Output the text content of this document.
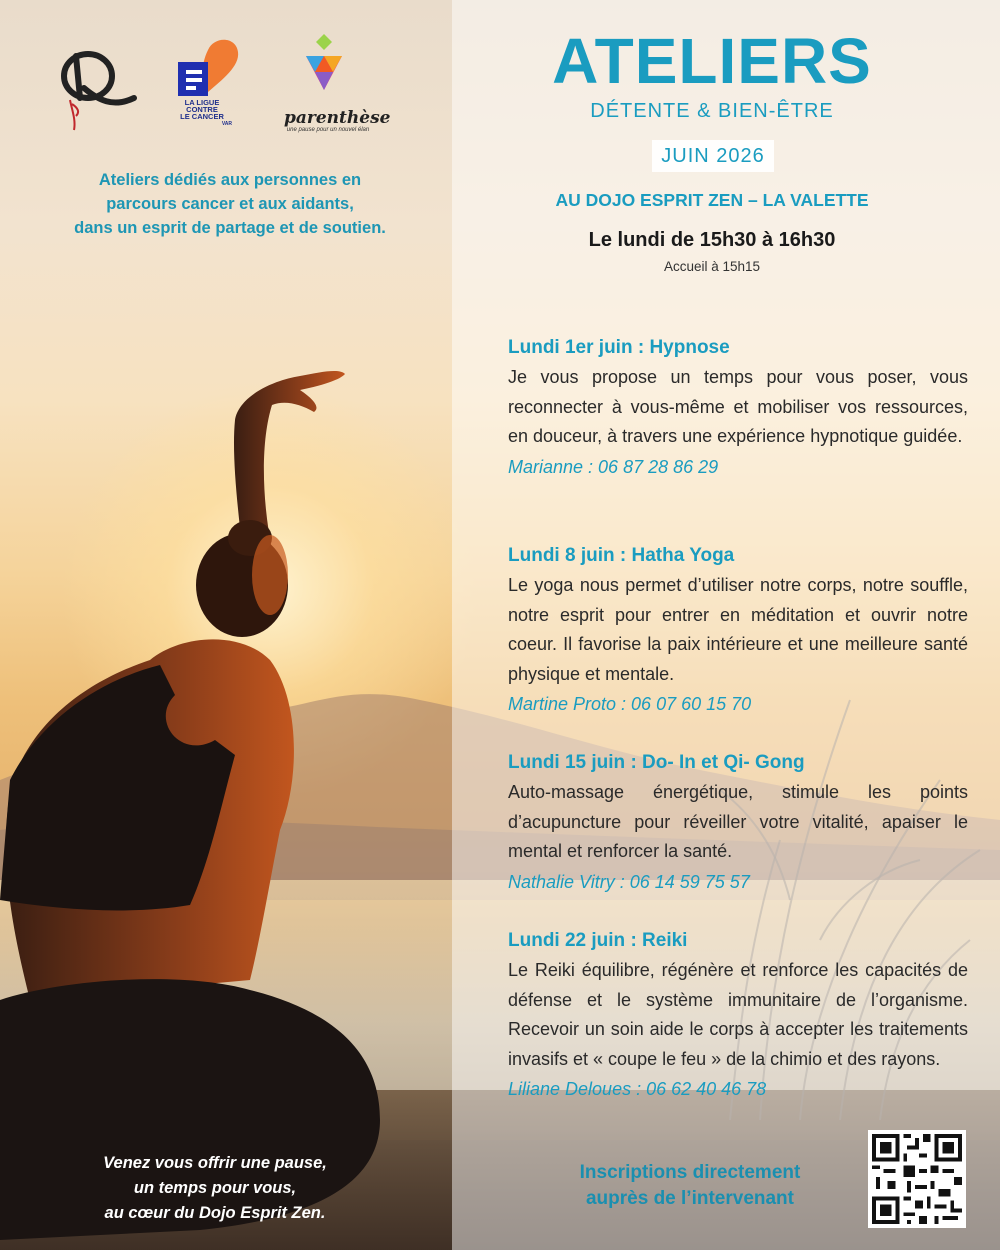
LA LIGUE
CONTRE
LE CANCER
VAR	parenthèse
une pause pour un nouvel élan
Ateliers dédiés aux personnes en
parcours cancer et aux aidants,
dans un esprit de partage et de soutien.
ATELIERS
DÉTENTE & BIEN-ÊTRE
JUIN 2026
AU DOJO ESPRIT ZEN – LA VALETTE
Le lundi de 15h30 à 16h30
Accueil à 15h15
Lundi 1er juin : Hypnose
Je vous propose un temps pour vous poser, vous reconnecter à vous-même et mobiliser vos ressources, en douceur, à travers une expérience hypnotique guidée.
Marianne : 06 87 28 86 29
Lundi 8 juin : Hatha Yoga
Le yoga nous permet d’utiliser notre corps, notre souffle, notre esprit pour entrer en méditation et ouvrir notre coeur. Il favorise la paix intérieure et une meilleure santé physique et mentale.
Martine Proto : 06 07 60 15 70
Lundi 15 juin : Do- In et Qi- Gong
Auto-massage énergétique, stimule les points d’acupuncture pour réveiller votre vitalité, apaiser le mental et renforcer la santé.
Nathalie Vitry : 06 14 59 75 57
Lundi 22 juin : Reiki
Le Reiki équilibre, régénère et renforce les capacités de défense et le système immunitaire de l’organisme. Recevoir un soin aide le corps à accepter les traitements invasifs et « coupe le feu » de la chimio et des rayons.
Liliane Deloues : 06 62 40 46 78
Venez vous offrir une pause,
un temps pour vous,
au cœur du Dojo Esprit Zen.
Inscriptions directement
auprès de l’intervenant
